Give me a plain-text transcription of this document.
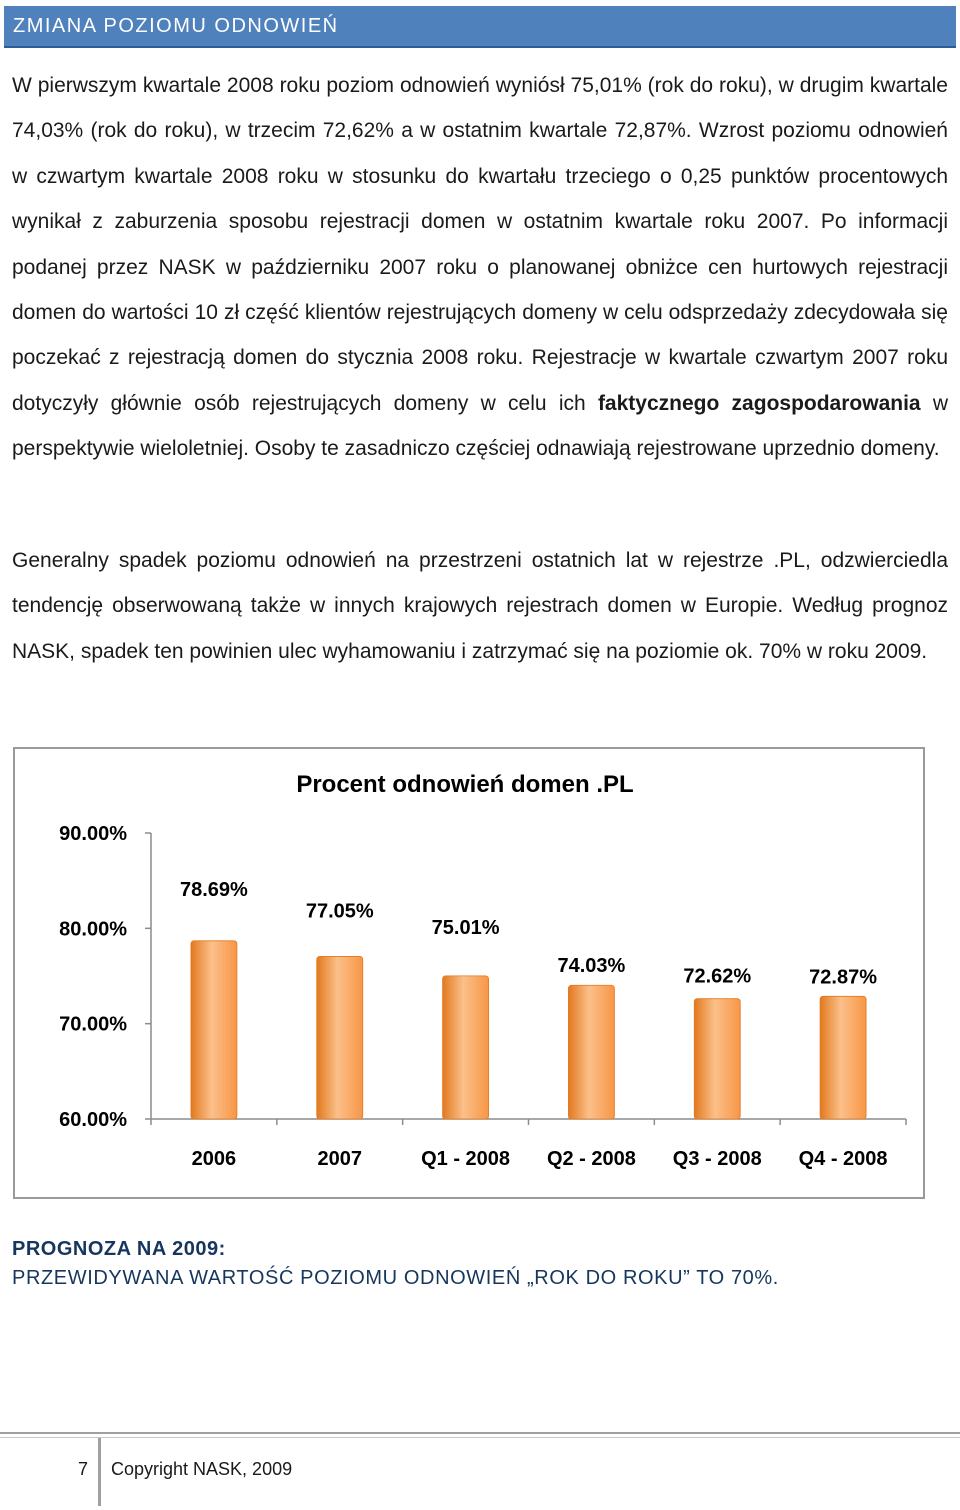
ZMIANA POZIOMU ODNOWIEŃ

W pierwszym kwartale 2008 roku poziom odnowień wyniósł 75,01% (rok do roku), w drugim kwartale 74,03% (rok do roku), w trzecim 72,62% a w ostatnim kwartale 72,87%. Wzrost poziomu odnowień w czwartym kwartale 2008 roku w stosunku do kwartału trzeciego o 0,25 punktów procentowych wynikał z zaburzenia sposobu rejestracji domen w ostatnim kwartale roku 2007. Po informacji podanej przez NASK w październiku 2007 roku o planowanej obniżce cen hurtowych rejestracji domen do wartości 10 zł część klientów rejestrujących domeny w celu odsprzedaży zdecydowała się poczekać z rejestracją domen do stycznia 2008 roku. Rejestracje w kwartale czwartym 2007 roku dotyczyły głównie osób rejestrujących domeny w celu ich faktycznego zagospodarowania w perspektywie wieloletniej. Osoby te zasadniczo częściej odnawiają rejestrowane uprzednio domeny.

Generalny spadek poziomu odnowień na przestrzeni ostatnich lat w rejestrze .PL, odzwierciedla tendencję obserwowaną także w innych krajowych rejestrach domen w Europie. Według prognoz NASK, spadek ten powinien ulec wyhamowaniu i zatrzymać się na poziomie ok. 70% w roku 2009.

Procent odnowień domen .PL
60.00%
70.00%
80.00%
90.00%
78.69%
2006
77.05%
2007
75.01%
Q1 - 2008
74.03%
Q2 - 2008
72.62%
Q3 - 2008
72.87%
Q4 - 2008
PROGNOZA NA 2009:
PRZEWIDYWANA WARTOŚĆ POZIOMU ODNOWIEŃ „ROK DO ROKU” TO 70%.
7 Copyright NASK, 2009
